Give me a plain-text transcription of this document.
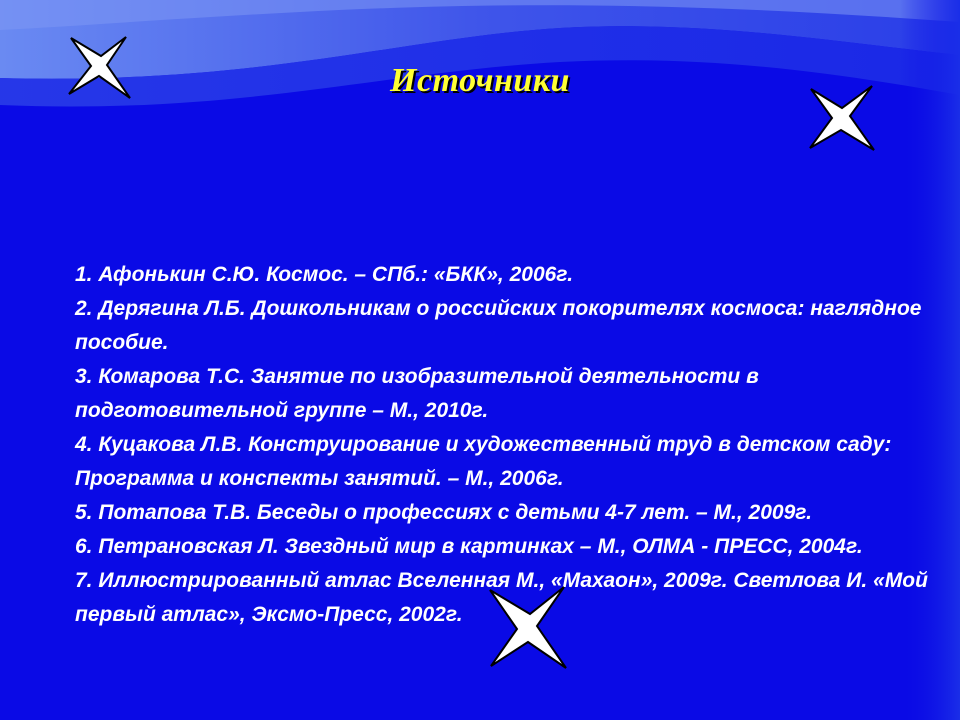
Источники
1. Афонькин С.Ю. Космос. – СПб.: «БКК», 2006г.
2. Дерягина Л.Б. Дошкольникам о российских покорителях космоса: наглядное пособие.
3. Комарова Т.С. Занятие по изобразительной деятельности в подготовительной группе – М., 2010г.
4. Куцакова Л.В. Конструирование и художественный труд в детском саду: Программа и конспекты занятий. – М., 2006г.
5. Потапова Т.В. Беседы о профессиях с детьми 4-7 лет. – М., 2009г.
6. Петрановская Л. Звездный мир в картинках – М., ОЛМА - ПРЕСС, 2004г.
7. Иллюстрированный атлас Вселенная М., «Махаон», 2009г. Светлова И. «Мой первый атлас», Эксмо-Пресс, 2002г.
